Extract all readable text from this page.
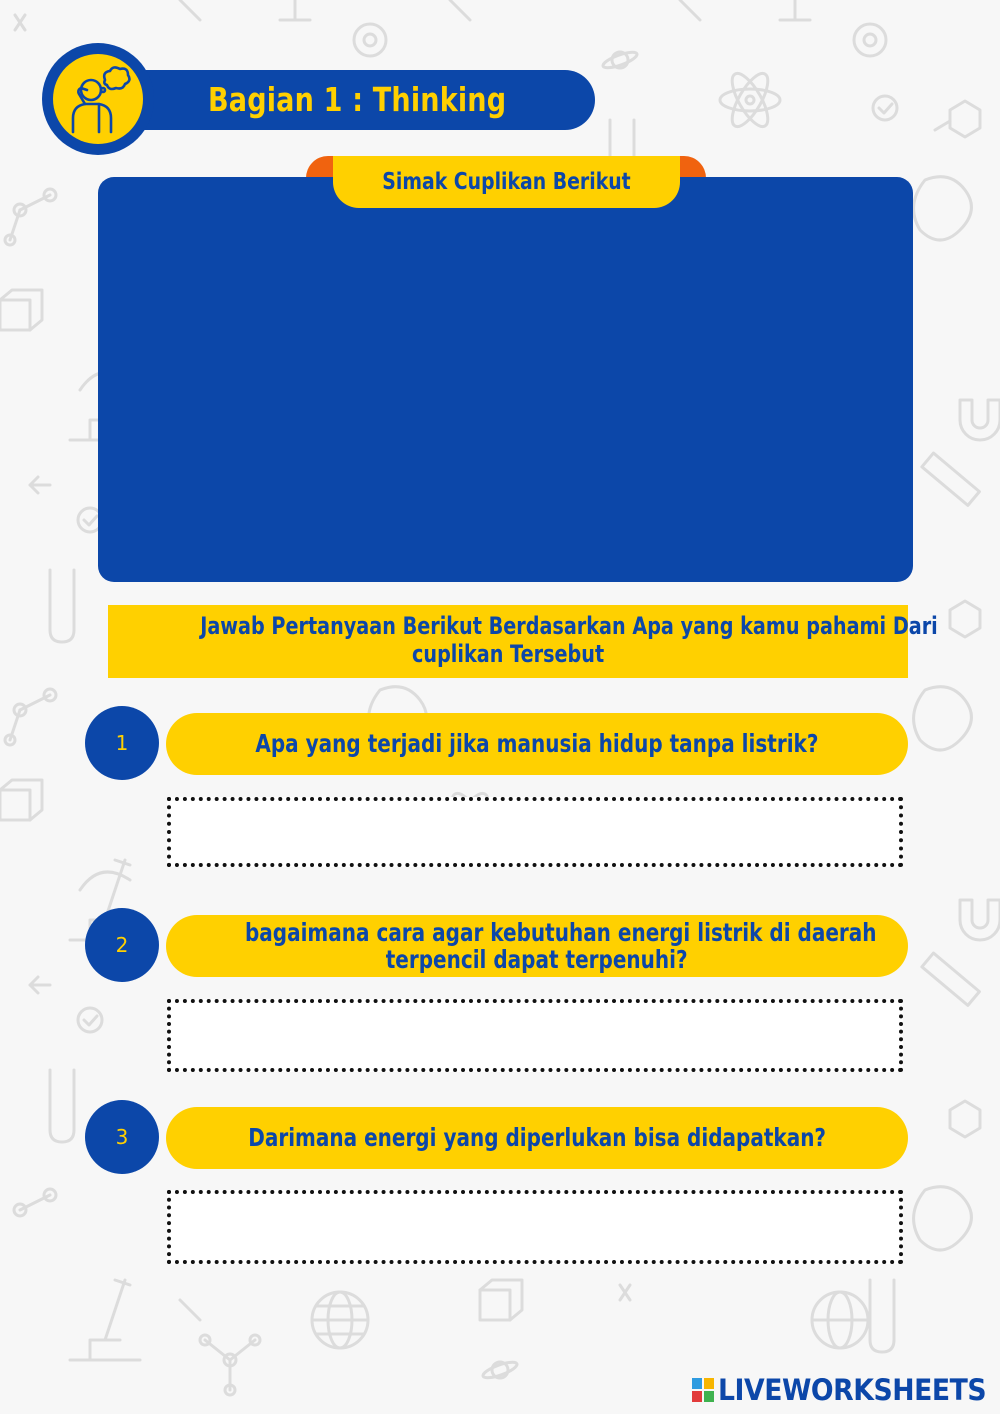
Bagian 1 : Thinking
Simak Cuplikan Berikut
Jawab Pertanyaan Berikut Berdasarkan Apa yang kamu pahami Dari
cuplikan Tersebut
1	Apa yang terjadi jika manusia hidup tanpa listrik?
2	bagaimana cara agar kebutuhan energi listrik di daerah
terpencil dapat terpenuhi?
3	Darimana energi yang diperlukan bisa didapatkan?
LIVEWORKSHEETS
